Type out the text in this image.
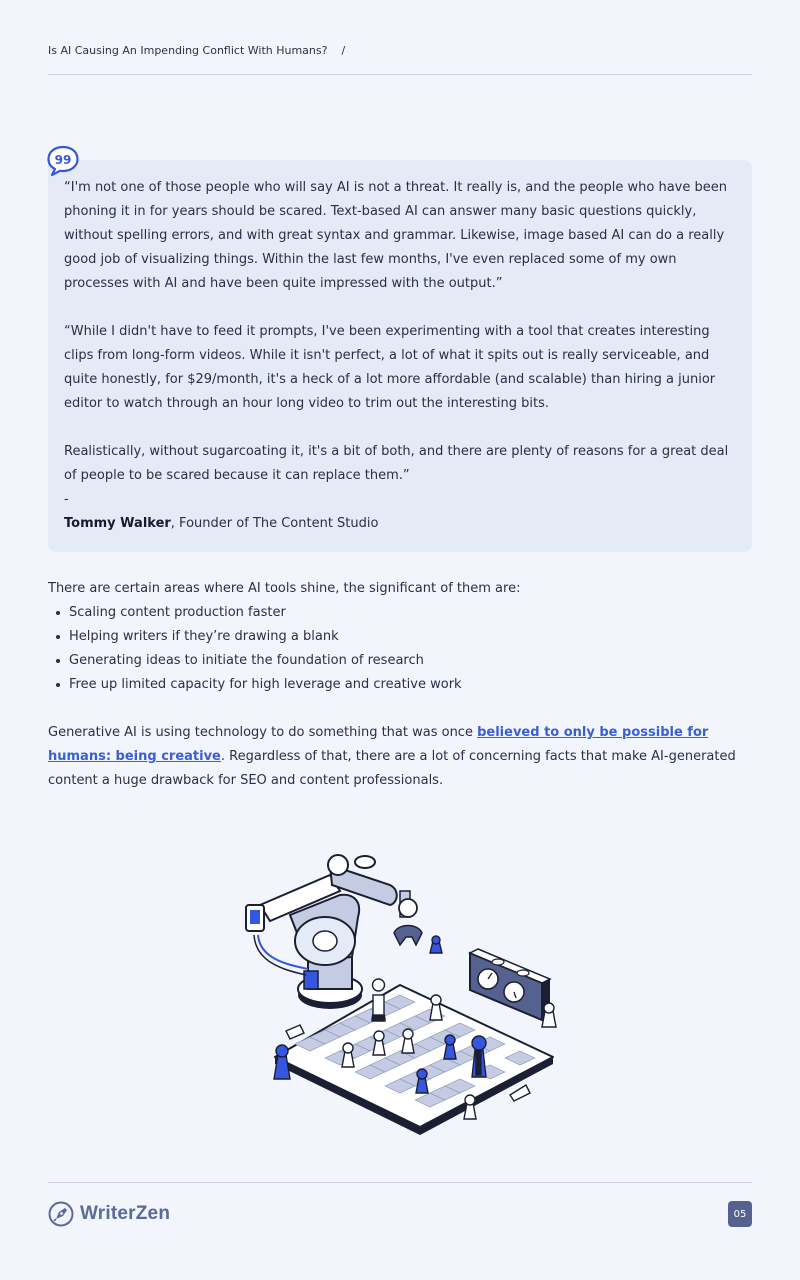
Is AI Causing An Impending Conflict With Humans? /

“I'm not one of those people who will say AI is not a threat. It really is, and the people who have been phoning it in for years should be scared. Text-based AI can answer many basic questions quickly, without spelling errors, and with great syntax and grammar. Likewise, image based AI can do a really good job of visualizing things. Within the last few months, I've even replaced some of my own processes with AI and have been quite impressed with the output.”

“While I didn't have to feed it prompts, I've been experimenting with a tool that creates interesting clips from long-form videos. While it isn't perfect, a lot of what it spits out is really serviceable, and quite honestly, for $29/month, it's a heck of a lot more affordable (and scalable) than hiring a junior editor to watch through an hour long video to trim out the interesting bits.

Realistically, without sugarcoating it, it's a bit of both, and there are plenty of reasons for a great deal of people to be scared because it can replace them.”

-

Tommy Walker, Founder of The Content Studio

99
There are certain areas where AI tools shine, the significant of them are:
Scaling content production faster
Helping writers if they’re drawing a blank
Generating ideas to initiate the foundation of research
Free up limited capacity for high leverage and creative work
Generative AI is using technology to do something that was once believed to only be possible for humans: being creative. Regardless of that, there are a lot of concerning facts that make AI-generated content a huge drawback for SEO and content professionals.
WriterZen	05
